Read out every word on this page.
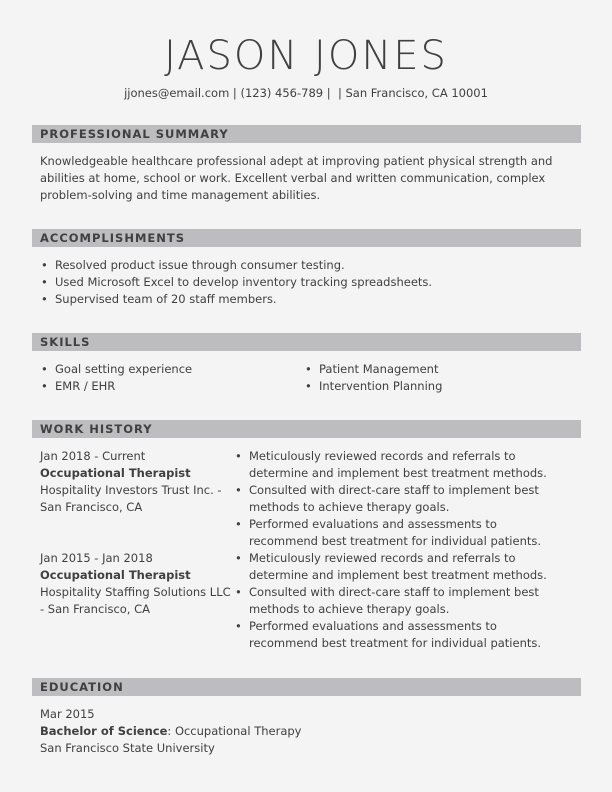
JASON JONES
jjones@email.com | (123) 456-789 |  | San Francisco, CA 10001
PROFESSIONAL SUMMARY
Knowledgeable healthcare professional adept at improving patient physical strength and
abilities at home, school or work. Excellent verbal and written communication, complex
problem-solving and time management abilities.
ACCOMPLISHMENTS
• Resolved product issue through consumer testing.
• Used Microsoft Excel to develop inventory tracking spreadsheets.
• Supervised team of 20 staff members.
SKILLS
• Goal setting experience
• EMR / EHR
• Patient Management
• Intervention Planning
WORK HISTORY
Jan 2018 - Current
Occupational Therapist
Hospitality Investors Trust Inc. -
San Francisco, CA
• Meticulously reviewed records and referrals to
determine and implement best treatment methods.
• Consulted with direct-care staff to implement best
methods to achieve therapy goals.
• Performed evaluations and assessments to
recommend best treatment for individual patients.
Jan 2015 - Jan 2018
Occupational Therapist
Hospitality Staffing Solutions LLC
- San Francisco, CA
• Meticulously reviewed records and referrals to
determine and implement best treatment methods.
• Consulted with direct-care staff to implement best
methods to achieve therapy goals.
• Performed evaluations and assessments to
recommend best treatment for individual patients.
EDUCATION
Mar 2015
Bachelor of Science: Occupational Therapy
San Francisco State University
